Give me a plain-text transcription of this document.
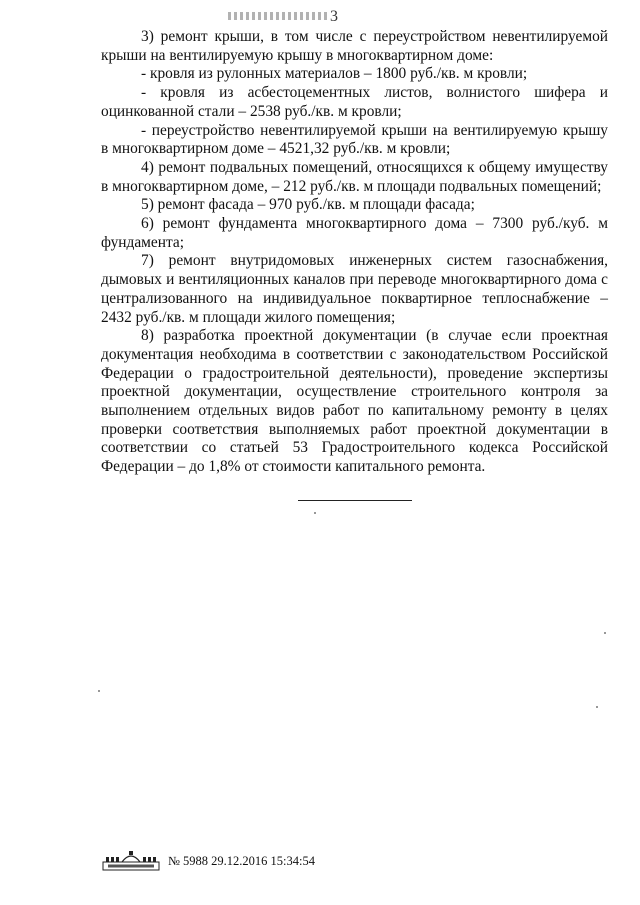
3

3) ремонт крыши, в том числе с переустройством невентилируемой крыши на вентилируемую крышу в многоквартирном доме:

- кровля из рулонных материалов – 1800 руб./кв. м кровли;

- кровля из асбестоцементных листов, волнистого шифера и оцинкованной стали – 2538 руб./кв. м кровли;

- переустройство невентилируемой крыши на вентилируемую крышу в многоквартирном доме – 4521,32 руб./кв. м кровли;

4) ремонт подвальных помещений, относящихся к общему имуществу в многоквартирном доме, – 212 руб./кв. м площади подвальных помещений;

5) ремонт фасада – 970 руб./кв. м площади фасада;

6) ремонт фундамента многоквартирного дома – 7300 руб./куб. м фундамента;

7) ремонт внутридомовых инженерных систем газоснабжения, дымовых и вентиляционных каналов при переводе многоквартирного дома с централизованного на индивидуальное поквартирное теплоснабжение – 2432 руб./кв. м площади жилого помещения;

8) разработка проектной документации (в случае если проектная документация необходима в соответствии с законодательством Российской Федерации о градостроительной деятельности), проведение экспертизы проектной документации, осуществление строительного контроля за выполнением отдельных видов работ по капитальному ремонту в целях проверки соответствия выполняемых работ проектной документации в соответствии со статьей 53 Градостроительного кодекса Российской Федерации – до 1,8% от стоимости капитального ремонта.

№ 5988 29.12.2016 15:34:54
